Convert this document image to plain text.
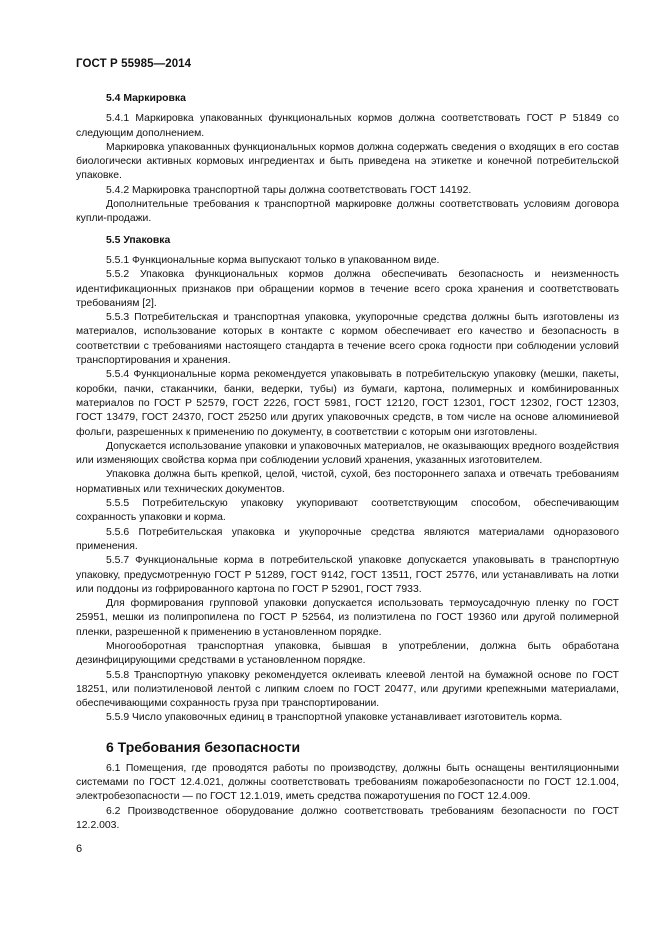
ГОСТ Р 55985—2014
5.4 Маркировка

5.4.1 Маркировка упакованных функциональных кормов должна соответствовать ГОСТ Р 51849 со следующим дополнением.

Маркировка упакованных функциональных кормов должна содержать сведения о входящих в его состав биологически активных кормовых ингредиентах и быть приведена на этикетке и конечной потребительской упаковке.

5.4.2 Маркировка транспортной тары должна соответствовать ГОСТ 14192.

Дополнительные требования к транспортной маркировке должны соответствовать условиям договора купли-продажи.

5.5 Упаковка

5.5.1 Функциональные корма выпускают только в упакованном виде.

5.5.2 Упаковка функциональных кормов должна обеспечивать безопасность и неизменность идентификационных признаков при обращении кормов в течение всего срока хранения и соответствовать требованиям [2].

5.5.3 Потребительская и транспортная упаковка, укупорочные средства должны быть изготовлены из материалов, использование которых в контакте с кормом обеспечивает его качество и безопасность в соответствии с требованиями настоящего стандарта в течение всего срока годности при соблюдении условий транспортирования и хранения.

5.5.4 Функциональные корма рекомендуется упаковывать в потребительскую упаковку (мешки, пакеты, коробки, пачки, стаканчики, банки, ведерки, тубы) из бумаги, картона, полимерных и комбинированных материалов по ГОСТ Р 52579, ГОСТ 2226, ГОСТ 5981, ГОСТ 12120, ГОСТ 12301, ГОСТ 12302, ГОСТ 12303, ГОСТ 13479, ГОСТ 24370, ГОСТ 25250 или других упаковочных средств, в том числе на основе алюминиевой фольги, разрешенных к применению по документу, в соответствии с которым они изготовлены.

Допускается использование упаковки и упаковочных материалов, не оказывающих вредного воздействия или изменяющих свойства корма при соблюдении условий хранения, указанных изготовителем.

Упаковка должна быть крепкой, целой, чистой, сухой, без постороннего запаха и отвечать требованиям нормативных или технических документов.

5.5.5 Потребительскую упаковку укупоривают соответствующим способом, обеспечивающим сохранность упаковки и корма.

5.5.6 Потребительская упаковка и укупорочные средства являются материалами одноразового применения.

5.5.7 Функциональные корма в потребительской упаковке допускается упаковывать в транспортную упаковку, предусмотренную ГОСТ Р 51289, ГОСТ 9142, ГОСТ 13511, ГОСТ 25776, или устанавливать на лотки или поддоны из гофрированного картона по ГОСТ Р 52901, ГОСТ 7933.

Для формирования групповой упаковки допускается использовать термоусадочную пленку по ГОСТ 25951, мешки из полипропилена по ГОСТ Р 52564, из полиэтилена по ГОСТ 19360 или другой полимерной пленки, разрешенной к применению в установленном порядке.

Многооборотная транспортная упаковка, бывшая в употреблении, должна быть обработана дезинфицирующими средствами в установленном порядке.

5.5.8 Транспортную упаковку рекомендуется оклеивать клеевой лентой на бумажной основе по ГОСТ 18251, или полиэтиленовой лентой с липким слоем по ГОСТ 20477, или другими крепежными материалами, обеспечивающими сохранность груза при транспортировании.

5.5.9 Число упаковочных единиц в транспортной упаковке устанавливает изготовитель корма.

6 Требования безопасности

6.1 Помещения, где проводятся работы по производству, должны быть оснащены вентиляционными системами по ГОСТ 12.4.021, должны соответствовать требованиям пожаробезопасности по ГОСТ 12.1.004, электробезопасности — по ГОСТ 12.1.019, иметь средства пожаротушения по ГОСТ 12.4.009.

6.2 Производственное оборудование должно соответствовать требованиям безопасности по ГОСТ 12.2.003.

6
